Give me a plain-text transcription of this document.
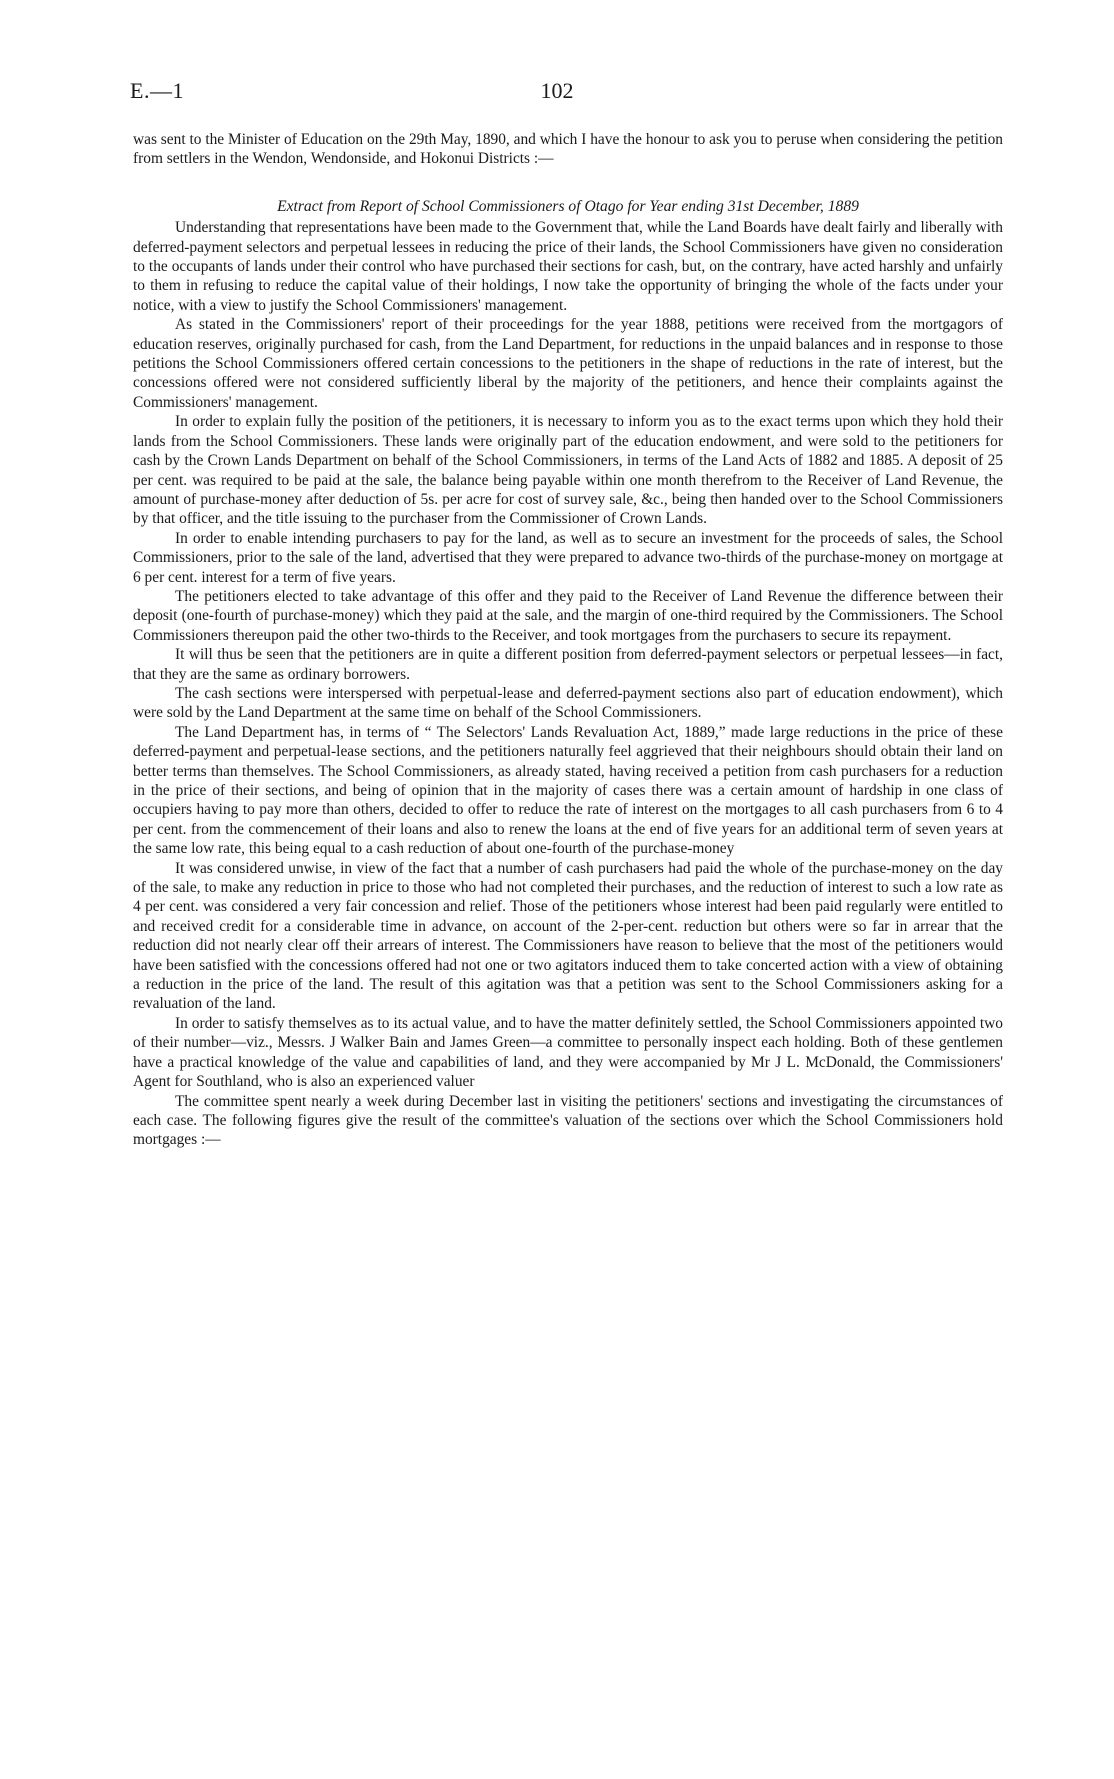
E.—1	102

was sent to the Minister of Education on the 29th May, 1890, and which I have the honour to ask you to peruse when considering the petition from settlers in the Wendon, Wendonside, and Hokonui Districts :—

Extract from Report of School Commissioners of Otago for Year ending 31st December, 1889

Understanding that representations have been made to the Government that, while the Land Boards have dealt fairly and liberally with deferred-payment selectors and perpetual lessees in reducing the price of their lands, the School Commissioners have given no consideration to the occupants of lands under their control who have purchased their sections for cash, but, on the contrary, have acted harshly and unfairly to them in refusing to reduce the capital value of their holdings, I now take the opportunity of bringing the whole of the facts under your notice, with a view to justify the School Commissioners' management.

As stated in the Commissioners' report of their proceedings for the year 1888, petitions were received from the mortgagors of education reserves, originally purchased for cash, from the Land Department, for reductions in the unpaid balances and in response to those petitions the School Commissioners offered certain concessions to the petitioners in the shape of reductions in the rate of interest, but the concessions offered were not considered sufficiently liberal by the majority of the petitioners, and hence their complaints against the Commissioners' management.

In order to explain fully the position of the petitioners, it is necessary to inform you as to the exact terms upon which they hold their lands from the School Commissioners. These lands were originally part of the education endowment, and were sold to the petitioners for cash by the Crown Lands Department on behalf of the School Commissioners, in terms of the Land Acts of 1882 and 1885. A deposit of 25 per cent. was required to be paid at the sale, the balance being payable within one month therefrom to the Receiver of Land Revenue, the amount of purchase-money after deduction of 5s. per acre for cost of survey sale, &c., being then handed over to the School Commissioners by that officer, and the title issuing to the purchaser from the Commissioner of Crown Lands.

In order to enable intending purchasers to pay for the land, as well as to secure an investment for the proceeds of sales, the School Commissioners, prior to the sale of the land, advertised that they were prepared to advance two-thirds of the purchase-money on mortgage at 6 per cent. interest for a term of five years.

The petitioners elected to take advantage of this offer and they paid to the Receiver of Land Revenue the difference between their deposit (one-fourth of purchase-money) which they paid at the sale, and the margin of one-third required by the Commissioners. The School Commissioners thereupon paid the other two-thirds to the Receiver, and took mortgages from the purchasers to secure its repayment.

It will thus be seen that the petitioners are in quite a different position from deferred-payment selectors or perpetual lessees—in fact, that they are the same as ordinary borrowers.

The cash sections were interspersed with perpetual-lease and deferred-payment sections also part of education endowment), which were sold by the Land Department at the same time on behalf of the School Commissioners.

The Land Department has, in terms of “ The Selectors' Lands Revaluation Act, 1889,” made large reductions in the price of these deferred-payment and perpetual-lease sections, and the petitioners naturally feel aggrieved that their neighbours should obtain their land on better terms than themselves. The School Commissioners, as already stated, having received a petition from cash purchasers for a reduction in the price of their sections, and being of opinion that in the majority of cases there was a certain amount of hardship in one class of occupiers having to pay more than others, decided to offer to reduce the rate of interest on the mortgages to all cash purchasers from 6 to 4 per cent. from the commencement of their loans and also to renew the loans at the end of five years for an additional term of seven years at the same low rate, this being equal to a cash reduction of about one-fourth of the purchase-money

It was considered unwise, in view of the fact that a number of cash purchasers had paid the whole of the purchase-money on the day of the sale, to make any reduction in price to those who had not completed their purchases, and the reduction of interest to such a low rate as 4 per cent. was considered a very fair concession and relief. Those of the petitioners whose interest had been paid regularly were entitled to and received credit for a considerable time in advance, on account of the 2-per-cent. reduction but others were so far in arrear that the reduction did not nearly clear off their arrears of interest. The Commissioners have reason to believe that the most of the petitioners would have been satisfied with the concessions offered had not one or two agitators induced them to take concerted action with a view of obtaining a reduction in the price of the land. The result of this agitation was that a petition was sent to the School Commissioners asking for a revaluation of the land.

In order to satisfy themselves as to its actual value, and to have the matter definitely settled, the School Commissioners appointed two of their number—viz., Messrs. J Walker Bain and James Green—a committee to personally inspect each holding. Both of these gentlemen have a practical knowledge of the value and capabilities of land, and they were accompanied by Mr J L. McDonald, the Commissioners' Agent for Southland, who is also an experienced valuer

The committee spent nearly a week during December last in visiting the petitioners' sections and investigating the circumstances of each case. The following figures give the result of the committee's valuation of the sections over which the School Commissioners hold mortgages :—
